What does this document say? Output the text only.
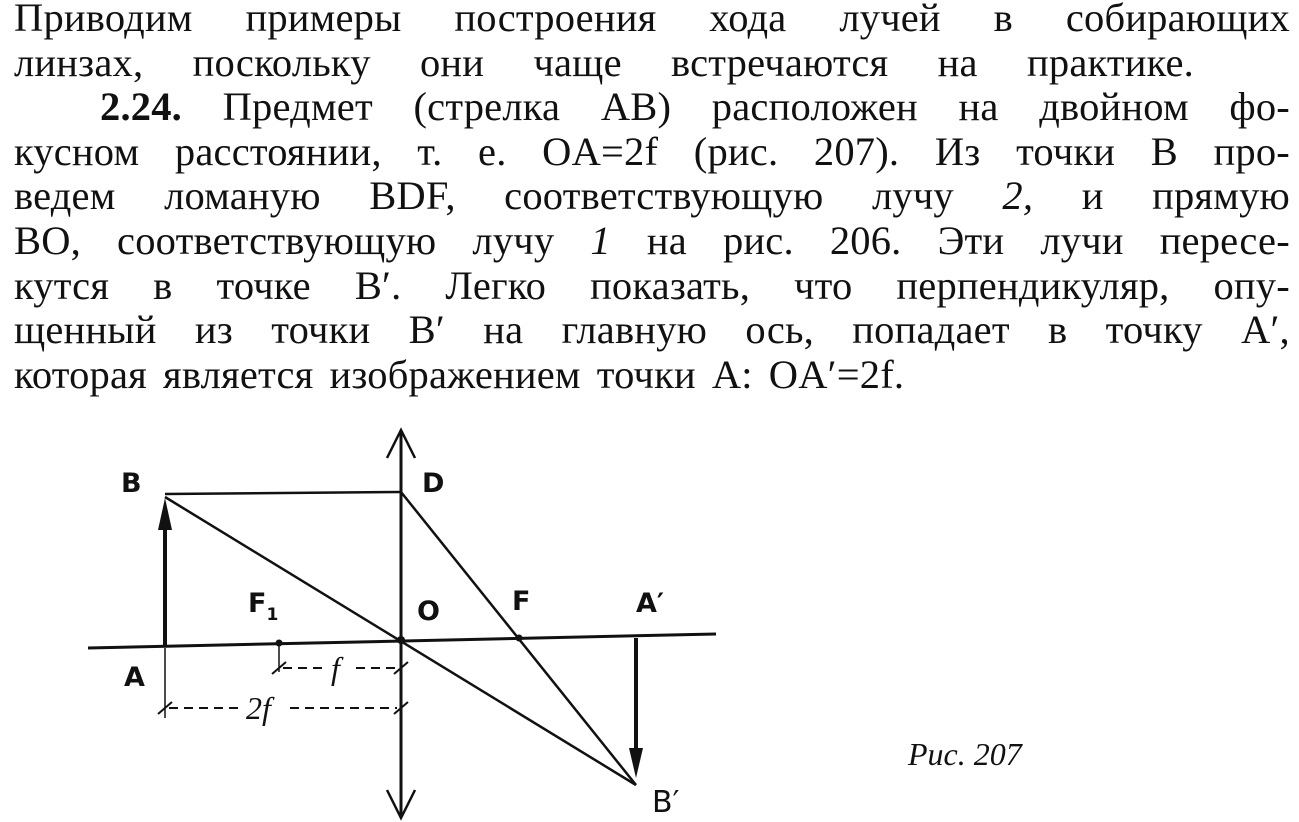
Приводим примеры построения хода лучей в собирающих
линзах, поскольку они чаще встречаются на практике.
2.24. Предмет (стрелка AB) расположен на двойном фо-
кусном расстоянии, т. е. OA=2f (рис. 207). Из точки B про-
ведем ломаную BDF, соответствующую лучу 2, и прямую
BO, соответствующую лучу 1 на рис. 206. Эти лучи пересе-
кутся в точке B′. Легко показать, что перпендикуляр, опу-
щенный из точки B′ на главную ось, попадает в точку A′,
которая является изображением точки A: OA′=2f.
B	D
$F_1$	O	F	A′
A
B′
f
2f
Рис. 207
